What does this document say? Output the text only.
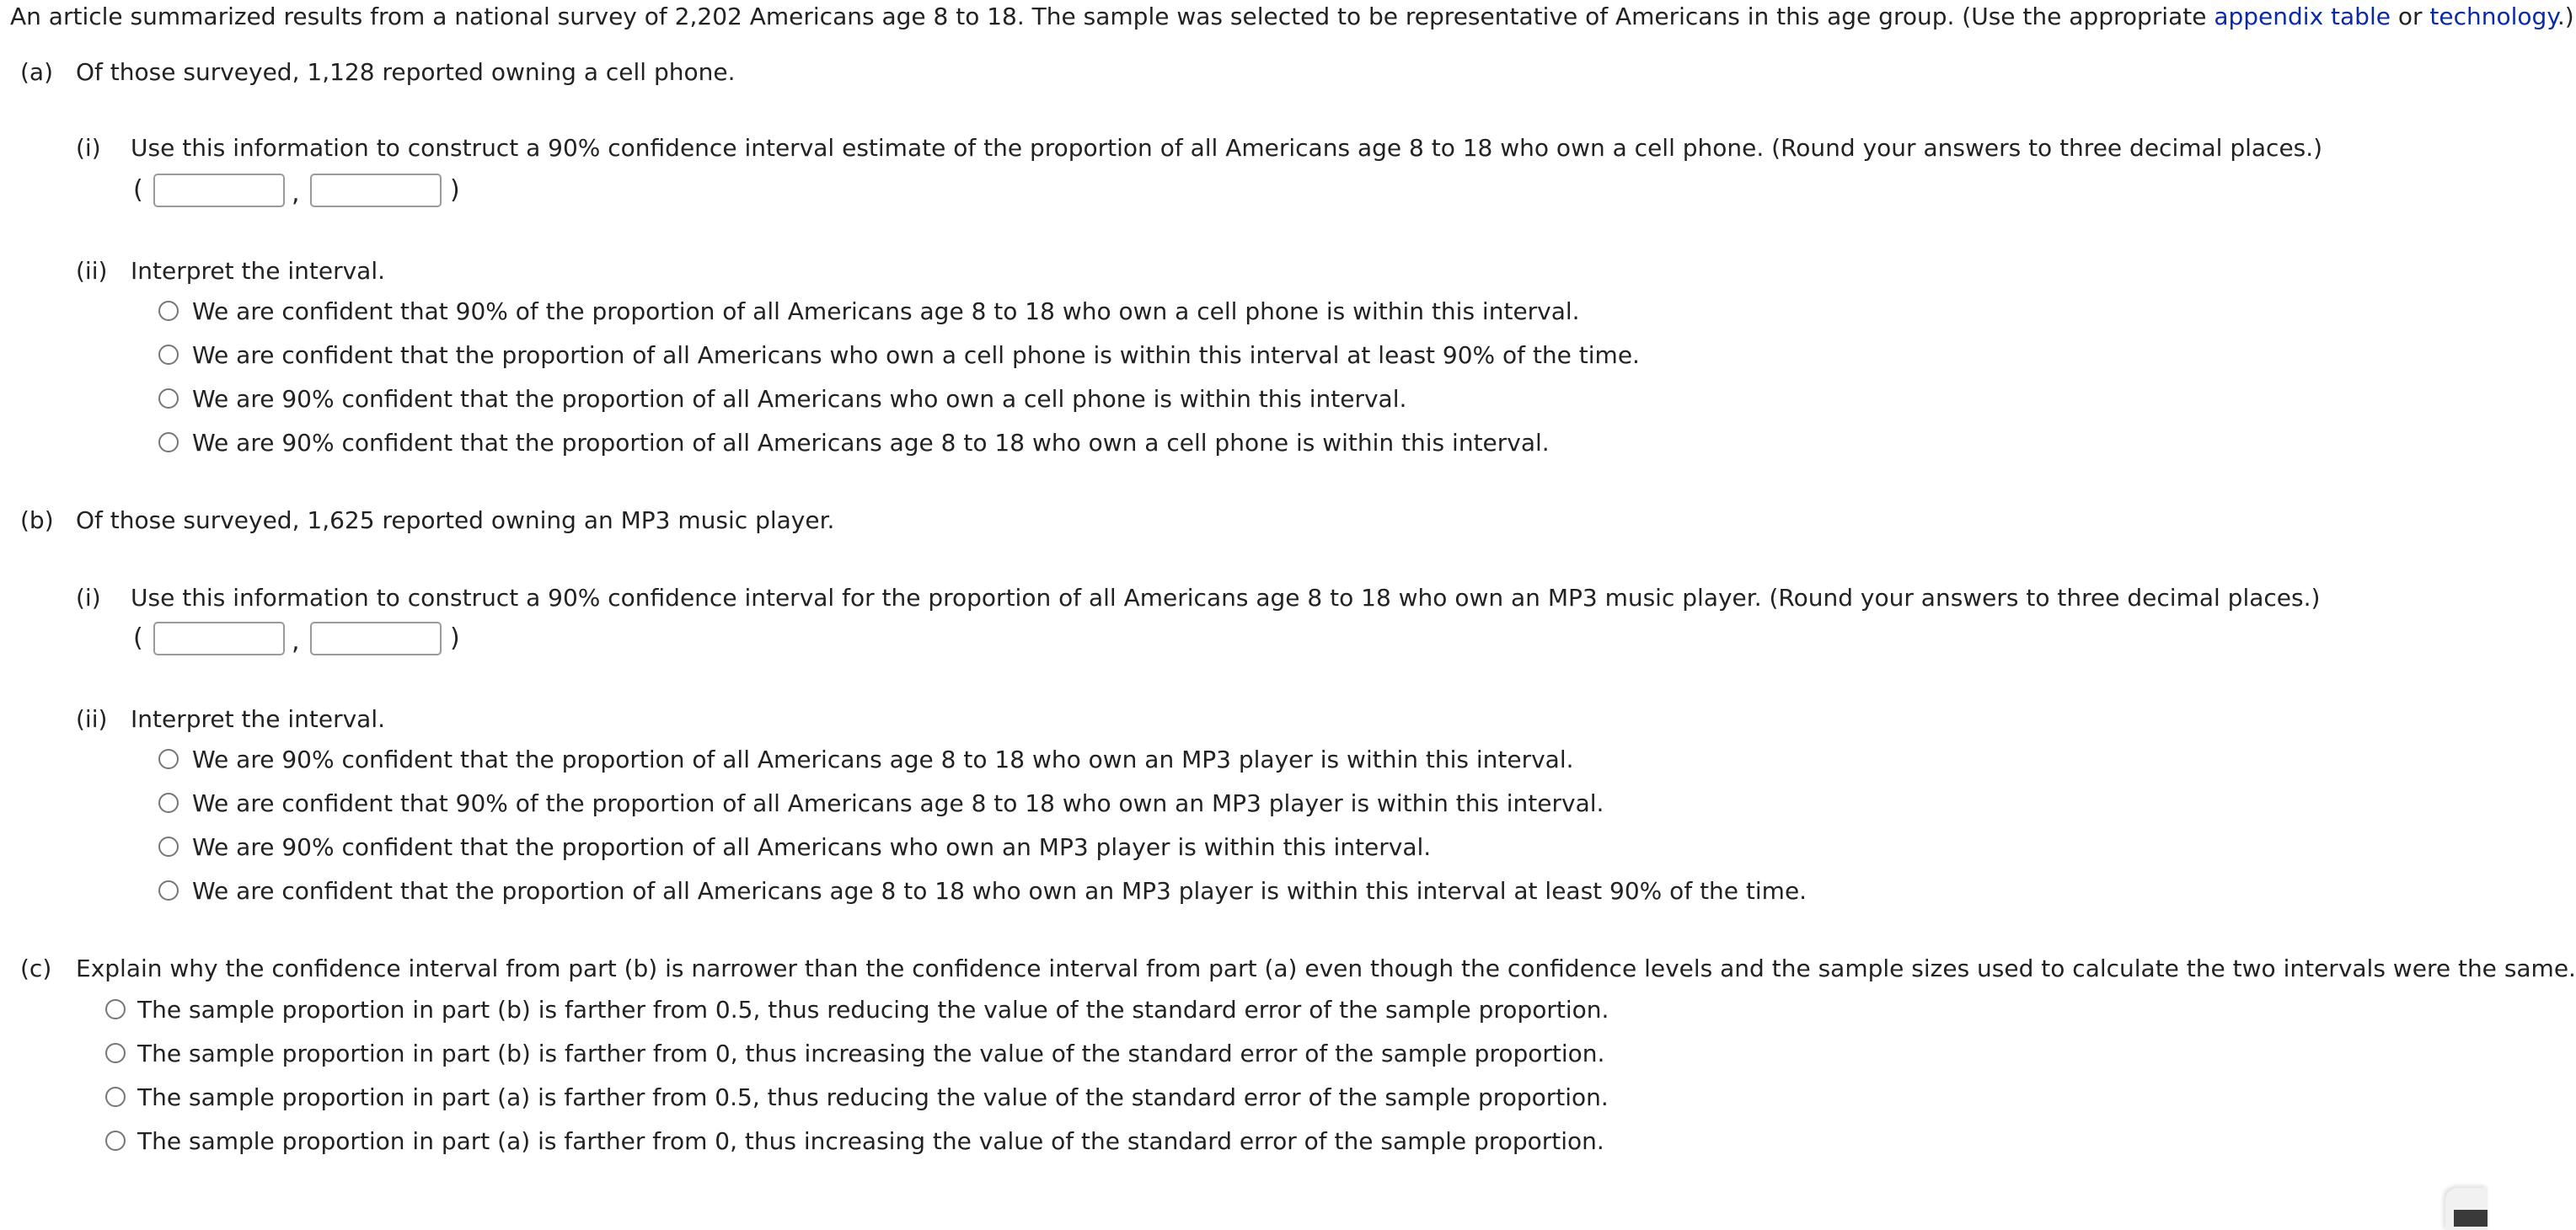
An article summarized results from a national survey of 2,202 Americans age 8 to 18. The sample was selected to be representative of Americans in this age group. (Use the appropriate appendix table or technology.)
(a) Of those surveyed, 1,128 reported owning a cell phone.
(i) Use this information to construct a 90% confidence interval estimate of the proportion of all Americans age 8 to 18 who own a cell phone. (Round your answers to three decimal places.)
(	,	)
(ii) Interpret the interval.
We are confident that 90% of the proportion of all Americans age 8 to 18 who own a cell phone is within this interval.
We are confident that the proportion of all Americans who own a cell phone is within this interval at least 90% of the time.
We are 90% confident that the proportion of all Americans who own a cell phone is within this interval.
We are 90% confident that the proportion of all Americans age 8 to 18 who own a cell phone is within this interval.
(b) Of those surveyed, 1,625 reported owning an MP3 music player.
(i) Use this information to construct a 90% confidence interval for the proportion of all Americans age 8 to 18 who own an MP3 music player. (Round your answers to three decimal places.)
(	,	)
(ii) Interpret the interval.
We are 90% confident that the proportion of all Americans age 8 to 18 who own an MP3 player is within this interval.
We are confident that 90% of the proportion of all Americans age 8 to 18 who own an MP3 player is within this interval.
We are 90% confident that the proportion of all Americans who own an MP3 player is within this interval.
We are confident that the proportion of all Americans age 8 to 18 who own an MP3 player is within this interval at least 90% of the time.
(c) Explain why the confidence interval from part (b) is narrower than the confidence interval from part (a) even though the confidence levels and the sample sizes used to calculate the two intervals were the same.
The sample proportion in part (b) is farther from 0.5, thus reducing the value of the standard error of the sample proportion.
The sample proportion in part (b) is farther from 0, thus increasing the value of the standard error of the sample proportion.
The sample proportion in part (a) is farther from 0.5, thus reducing the value of the standard error of the sample proportion.
The sample proportion in part (a) is farther from 0, thus increasing the value of the standard error of the sample proportion.
